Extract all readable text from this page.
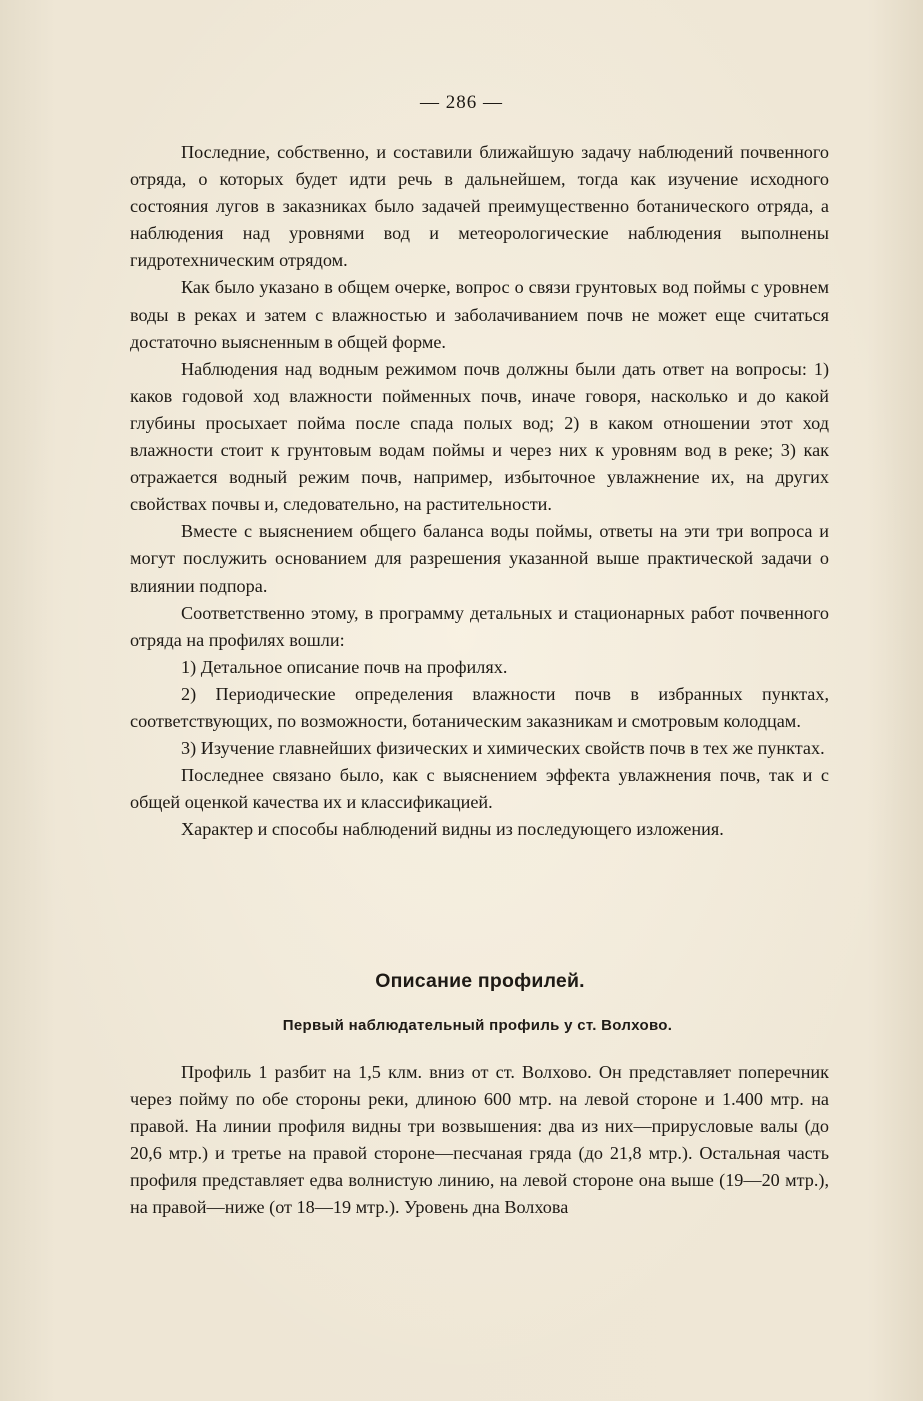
— 286 —

Последние, собственно, и составили ближайшую задачу наблюдений почвенного отряда, о которых будет идти речь в дальнейшем, тогда как изучение исходного состояния лугов в заказниках было задачей преимущественно ботанического отряда, а наблюдения над уровнями вод и метеорологические наблюдения выполнены гидротехническим отрядом.

Как было указано в общем очерке, вопрос о связи грунтовых вод поймы с уровнем воды в реках и затем с влажностью и заболачиванием почв не может еще считаться достаточно выясненным в общей форме.

Наблюдения над водным режимом почв должны были дать ответ на вопросы: 1) каков годовой ход влажности пойменных почв, иначе говоря, насколько и до какой глубины просыхает пойма после спада полых вод; 2) в каком отношении этот ход влажности стоит к грунтовым водам поймы и через них к уровням вод в реке; 3) как отражается водный режим почв, например, избыточное увлажнение их, на других свойствах почвы и, следовательно, на растительности.

Вместе с выяснением общего баланса воды поймы, ответы на эти три вопроса и могут послужить основанием для разрешения указанной выше практической задачи о влиянии подпора.

Соответственно этому, в программу детальных и стационарных работ почвенного отряда на профилях вошли:

1) Детальное описание почв на профилях.

2) Периодические определения влажности почв в избранных пунктах, соответствующих, по возможности, ботаническим заказникам и смотровым колодцам.

3) Изучение главнейших физических и химических свойств почв в тех же пунктах.

Последнее связано было, как с выяснением эффекта увлажнения почв, так и с общей оценкой качества их и классификацией.

Характер и способы наблюдений видны из последующего изложения.

Описание профилей.
Первый наблюдательный профиль у ст. Волхово.

Профиль 1 разбит на 1,5 клм. вниз от ст. Волхово. Он представляет поперечник через пойму по обе стороны реки, длиною 600 мтр. на левой стороне и 1.400 мтр. на правой. На линии профиля видны три возвышения: два из них—прирусловые валы (до 20,6 мтр.) и третье на правой стороне—песчаная гряда (до 21,8 мтр.). Остальная часть профиля представляет едва волнистую линию, на левой стороне она выше (19—20 мтр.), на правой—ниже (от 18—19 мтр.). Уровень дна Волхова
